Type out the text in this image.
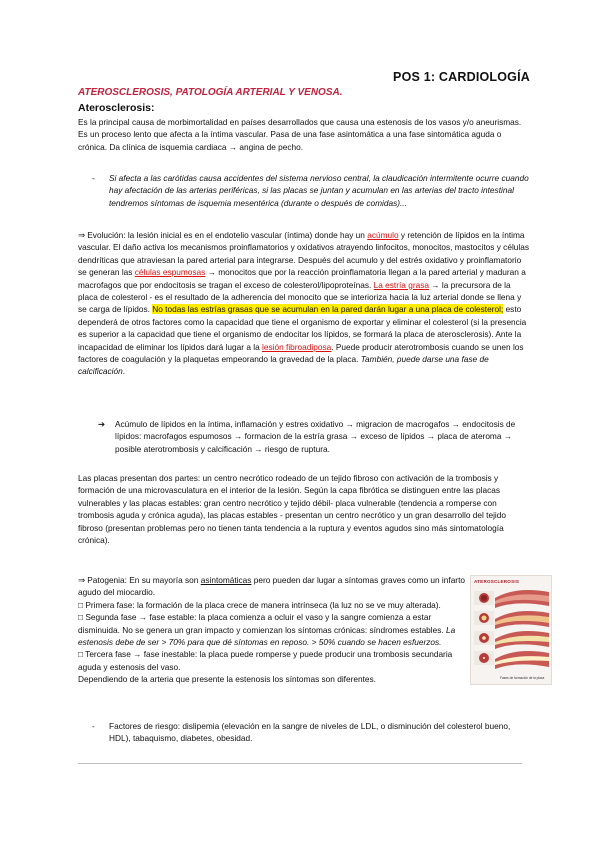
POS 1: CARDIOLOGÍA
ATEROSCLEROSIS, PATOLOGÍA ARTERIAL Y VENOSA.
Aterosclerosis:

Es la principal causa de morbimortalidad en países desarrollados que causa una estenosis de los vasos y/o aneurismas. Es un proceso lento que afecta a la íntima vascular. Pasa de una fase asintomática a una fase sintomática aguda o crónica. Da clínica de isquemia cardiaca → angina de pecho.

-	Si afecta a las carótidas causa accidentes del sistema nervioso central, la claudicación intermitente ocurre cuando hay afectación de las arterias periféricas, si las placas se juntan y acumulan en las arterias del tracto intestinal tendremos síntomas de isquemia mesentérica (durante o después de comidas)...

⇒ Evolución: la lesión inicial es en el endotelio vascular (íntima) donde hay un acúmulo y retención de lípidos en la íntima vascular. El daño activa los mecanismos proinflamatorios y oxidativos atrayendo linfocitos, monocitos, mastocitos y células dendríticas que atraviesan la pared arterial para integrarse. Después del acumulo y del estrés oxidativo y proinflamatorio se generan las células espumosas → monocitos que por la reacción proinflamatoria llegan a la pared arterial y maduran a macrofagos que por endocitosis se tragan el exceso de colesterol/lipoproteínas. La estría grasa → la precursora de la placa de colesterol - es el resultado de la adherencia del monocito que se interioriza hacia la luz arterial donde se llena y se carga de lípidos. No todas las estrías grasas que se acumulan en la pared darán lugar a una placa de colesterol; esto dependerá de otros factores como la capacidad que tiene el organismo de exportar y eliminar el colesterol (si la presencia es superior a la capacidad que tiene el organismo de endocitar los lípidos, se formará la placa de aterosclerosis). Ante la incapacidad de eliminar los lípidos dará lugar a la lesión fibroadiposa. Puede producir aterotrombosis cuando se unen los factores de coagulación y la plaquetas empeorando la gravedad de la placa. También, puede darse una fase de calcificación.

➔	Acúmulo de lípidos en la íntima, inflamación y estres oxidativo → migracion de macrogafos → endocitosis de lípidos: macrofagos espumosos → formacion de la estría grasa → exceso de lípidos → placa de ateroma → posible aterotrombosis y calcificación → riesgo de ruptura.

Las placas presentan dos partes: un centro necrótico rodeado de un tejido fibroso con activación de la trombosis y formación de una microvasculatura en el interior de la lesión. Según la capa fibrótica se distinguen entre las placas vulnerables y las placas estables: gran centro necrótico y tejido débil- placa vulnerable (tendencia a romperse con trombosis aguda y crónica aguda), las placas estables - presentan un centro necrótico y un gran desarrollo del tejido fibroso (presentan problemas pero no tienen tanta tendencia a la ruptura y eventos agudos sino más sintomatología crónica).

⇒ Patogenia: En su mayoría son asintomáticas pero pueden dar lugar a síntomas graves como un infarto agudo del miocardio.
□ Primera fase: la formación de la placa crece de manera intrínseca (la luz no se ve muy alterada).
□ Segunda fase → fase estable: la placa comienza a ocluir el vaso y la sangre comienza a estar disminuida. No se genera un gran impacto y comienzan los síntomas crónicas: síndromes estables. La estenosis debe de ser > 70% para que dé síntomas en reposo. > 50% cuando se hacen esfuerzos.
□ Tercera fase → fase inestable: la placa puede romperse y puede producir una trombosis secundaria aguda y estenosis del vaso.
Dependiendo de la arteria que presente la estenosis los síntomas son diferentes.

-	Factores de riesgo: dislipemia (elevación en la sangre de niveles de LDL, o disminución del colesterol bueno, HDL), tabaquismo, diabetes, obesidad.
ATEROSCLEROSIS
Fases de formación de la placa
